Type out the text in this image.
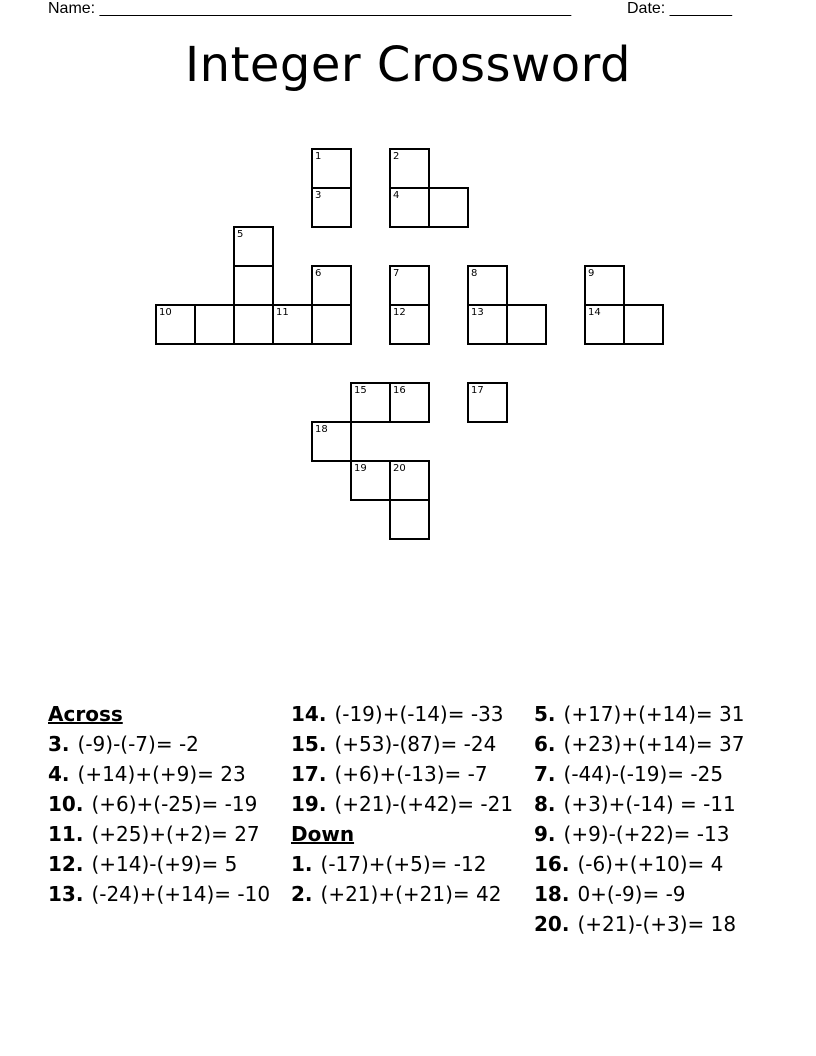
Name: _____________________________________________________	Date: _______
Integer Crossword
1	2
3	4
5
6	7	8	9
10	11	12	13	14
15	16	17
18
19	20
Across
3. (-9)-(-7)= -2
4. (+14)+(+9)= 23
10. (+6)+(-25)= -19
11. (+25)+(+2)= 27
12. (+14)-(+9)= 5
13. (-24)+(+14)= -10
14. (-19)+(-14)= -33
15. (+53)-(87)= -24
17. (+6)+(-13)= -7
19. (+21)-(+42)= -21
Down
1. (-17)+(+5)= -12
2. (+21)+(+21)= 42
5. (+17)+(+14)= 31
6. (+23)+(+14)= 37
7. (-44)-(-19)= -25
8. (+3)+(-14) = -11
9. (+9)-(+22)= -13
16. (-6)+(+10)= 4
18. 0+(-9)= -9
20. (+21)-(+3)= 18
